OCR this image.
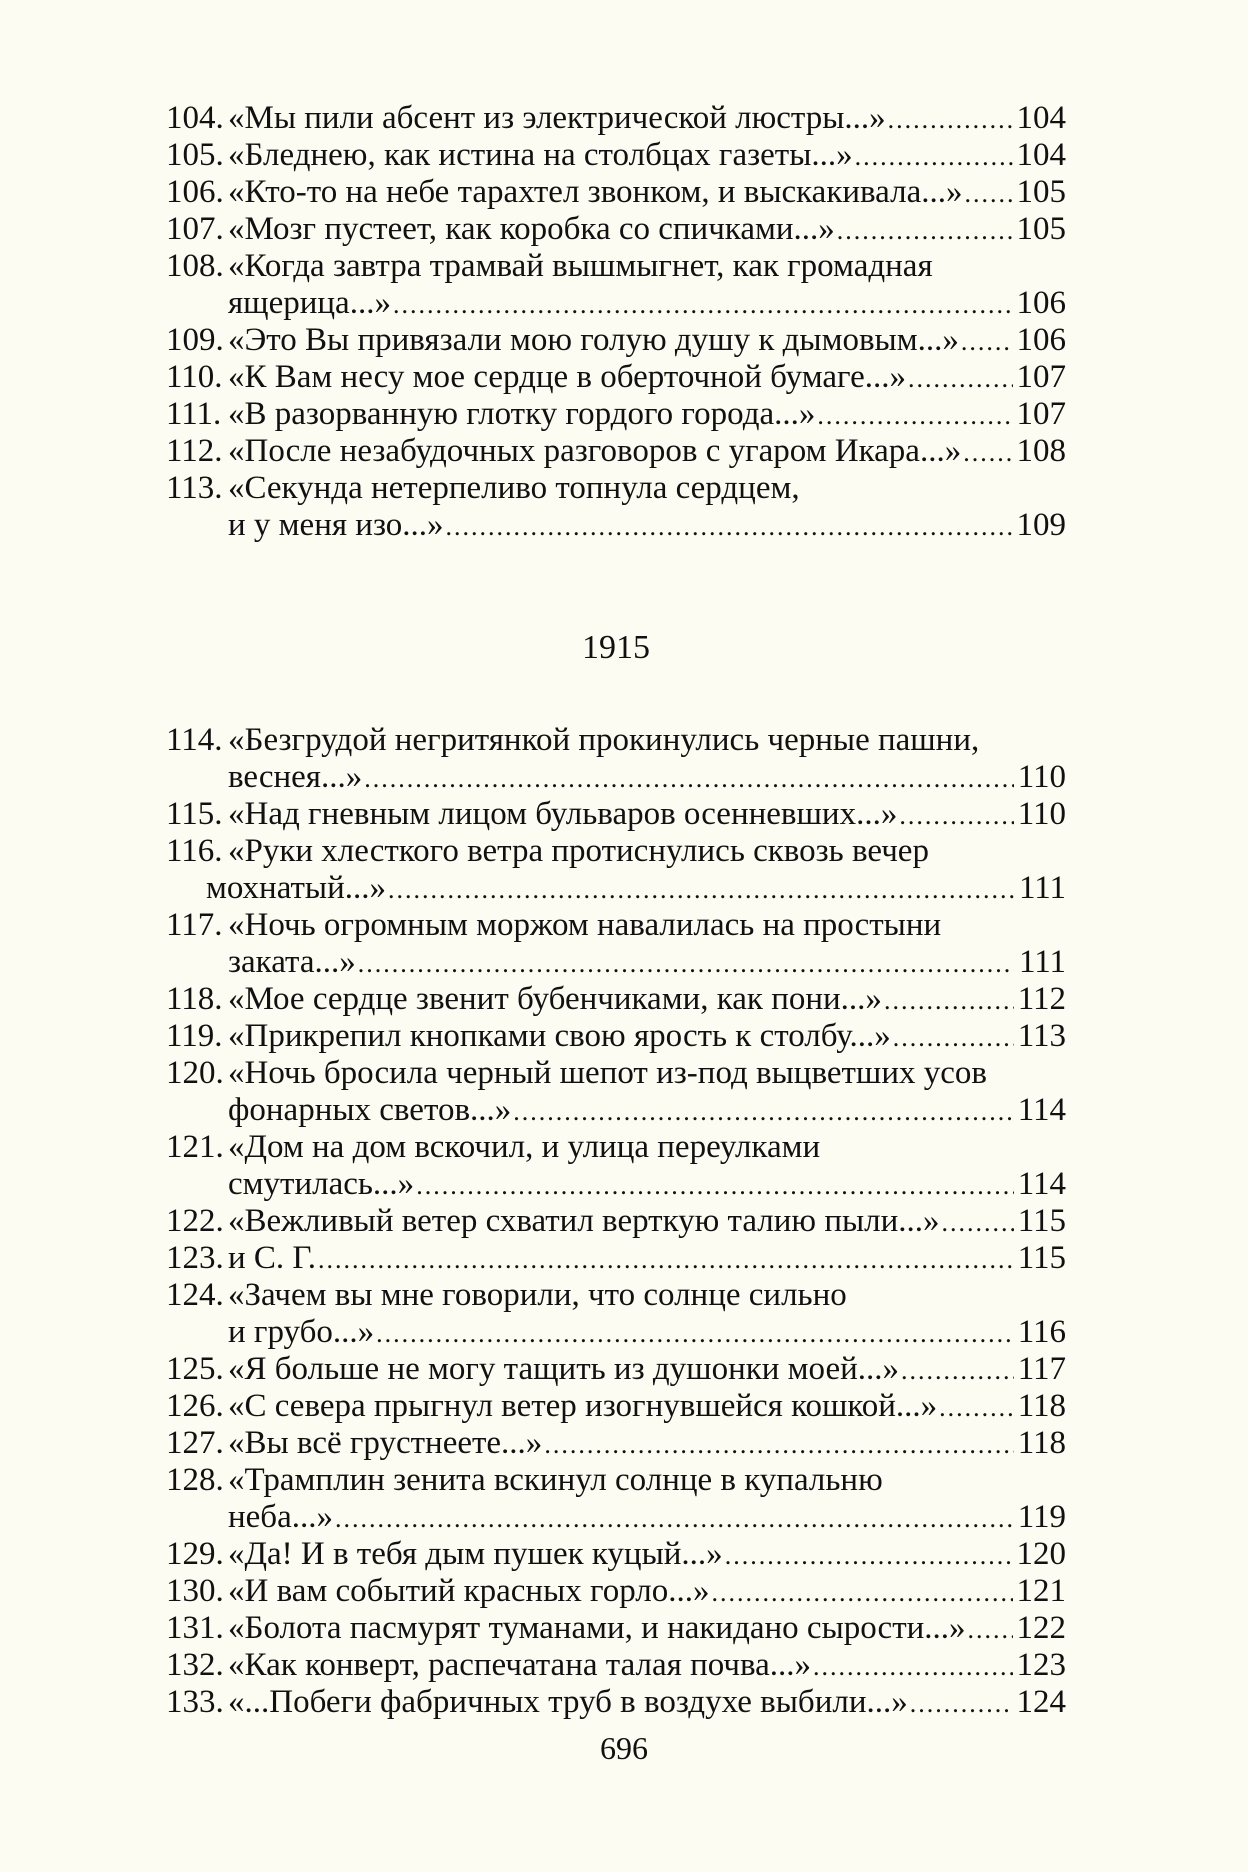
104. «Мы пили абсент из электрической люстры...» .....	104
105. «Бледнею, как истина на столбцах газеты...» .....	104
106. «Кто-то на небе тарахтел звонком, и выскакивала...» ..... 105
107. «Мозг пустеет, как коробка со спичками...» .....	105
108. «Когда завтра трамвай вышмыгнет, как громадная
ящерица...» .....	106
109. «Это Вы привязали мою голую душу к дымовым...» ..... 106
110. «К Вам несу мое сердце в оберточной бумаге...» .....	107
111. «В разорванную глотку гордого города...» .....	107
112. «После незабудочных разговоров с угаром Икара...» ..... 108
113. «Секунда нетерпеливо топнула сердцем,
и у меня изо...» .....	109
1915
114. «Безгрудой негритянкой прокинулись черные пашни,
веснея...» .....	110
115. «Над гневным лицом бульваров осенневших...» .....	110
116. «Руки хлесткого ветра протиснулись сквозь вечер
мохнатый...» .....	111
117. «Ночь огромным моржом навалилась на простыни
заката...» .....	111
118. «Мое сердце звенит бубенчиками, как пони...» .....	112
119. «Прикрепил кнопками свою ярость к столбу...» .....	113
120. «Ночь бросила черный шепот из-под выцветших усов
фонарных светов...» .....	114
121. «Дом на дом вскочил, и улица переулками
смутилась...» .....	114
122. «Вежливый ветер схватил верткую талию пыли...» ..... 115
123. и С. Г. .....	115
124. «Зачем вы мне говорили, что солнце сильно
и грубо...» .....	116
125. «Я больше не могу тащить из душонки моей...» .....	117
126. «С севера прыгнул ветер изогнувшейся кошкой...» ..... 118
127. «Вы всё грустнеете...» .....	118
128. «Трамплин зенита вскинул солнце в купальню
неба...» .....	119
129. «Да! И в тебя дым пушек куцый...» .....	120
130. «И вам событий красных горло...» .....	121
131. «Болота пасмурят туманами, и накидано сырости...» ..... 122
132. «Как конверт, распечатана талая почва...» .....	123
133. «...Побеги фабричных труб в воздухе выбили...» .....	124
696
